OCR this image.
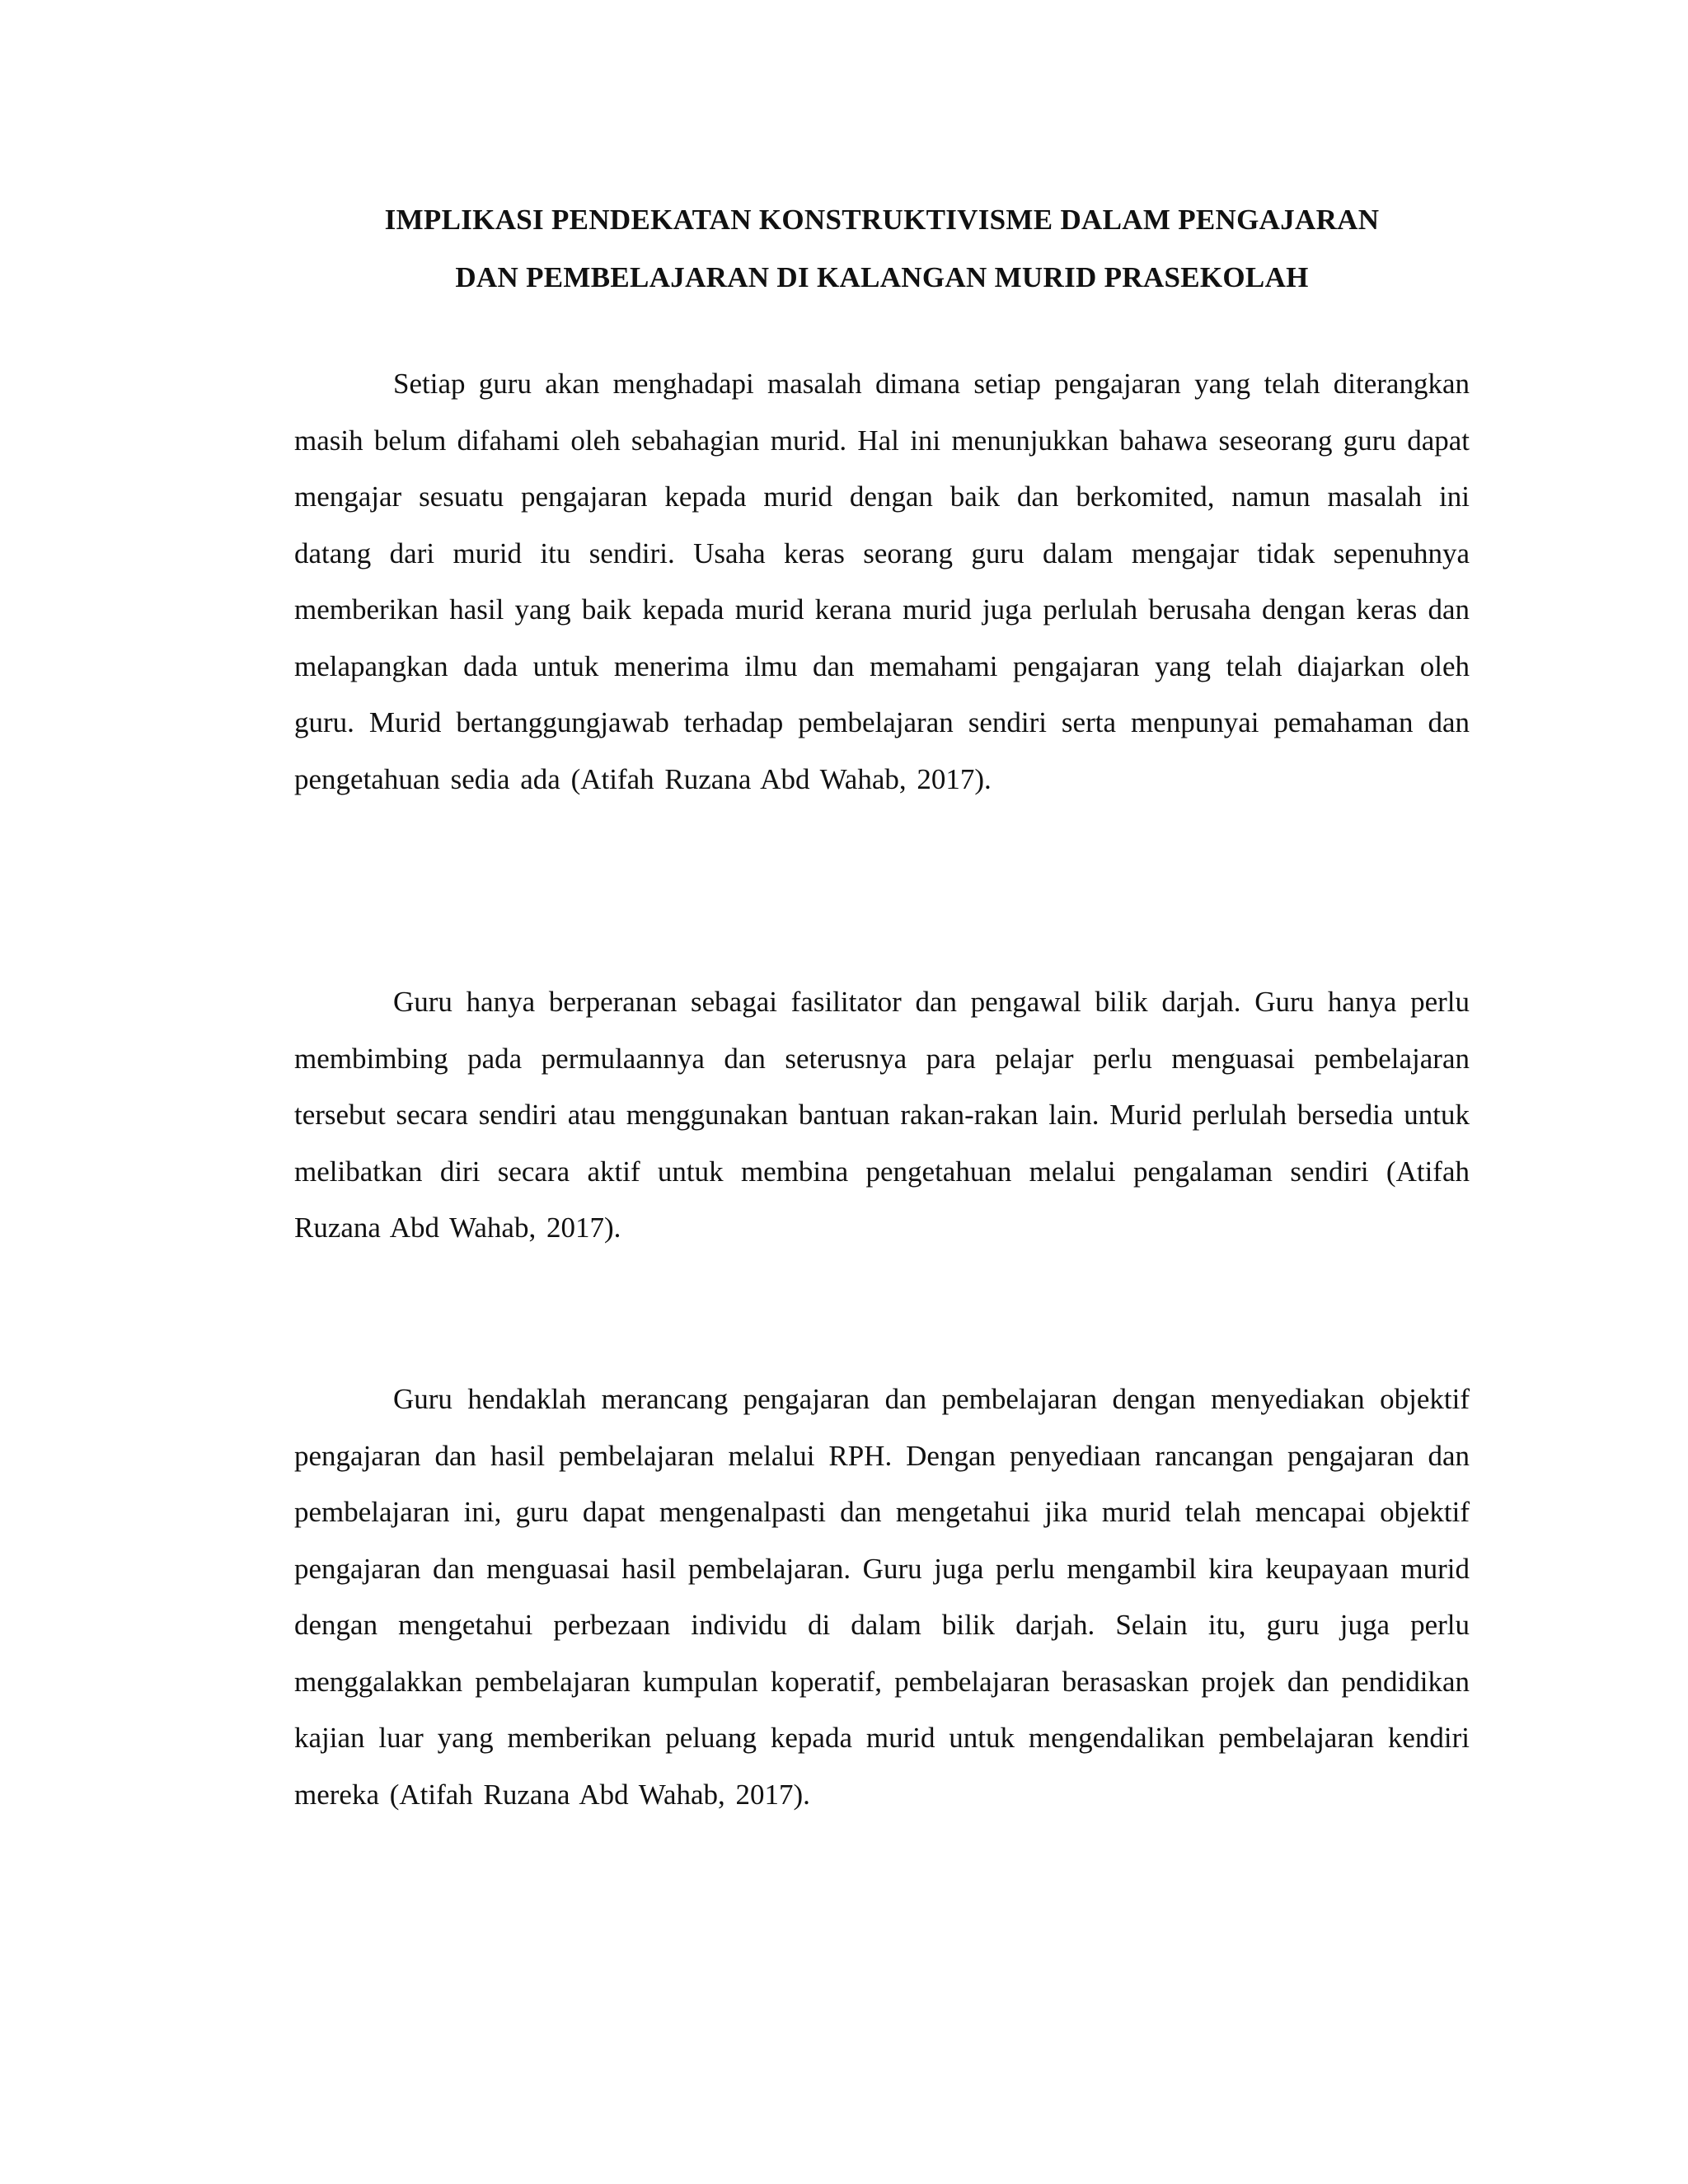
IMPLIKASI PENDEKATAN KONSTRUKTIVISME DALAM PENGAJARAN

DAN PEMBELAJARAN DI KALANGAN MURID PRASEKOLAH

Setiap guru akan menghadapi masalah dimana setiap pengajaran yang telah diterangkan masih belum difahami oleh sebahagian murid. Hal ini menunjukkan bahawa seseorang guru dapat mengajar sesuatu pengajaran kepada murid dengan baik dan berkomited, namun masalah ini datang dari murid itu sendiri. Usaha keras seorang guru dalam mengajar tidak sepenuhnya memberikan hasil yang baik kepada murid kerana murid juga perlulah berusaha dengan keras dan melapangkan dada untuk menerima ilmu dan memahami pengajaran yang telah diajarkan oleh guru. Murid bertanggungjawab terhadap pembelajaran sendiri serta menpunyai pemahaman dan pengetahuan sedia ada (Atifah Ruzana Abd Wahab, 2017).

Guru hanya berperanan sebagai fasilitator dan pengawal bilik darjah. Guru hanya perlu membimbing pada permulaannya dan seterusnya para pelajar perlu menguasai pembelajaran tersebut secara sendiri atau menggunakan bantuan rakan-rakan lain. Murid perlulah bersedia untuk melibatkan diri secara aktif untuk membina pengetahuan melalui pengalaman sendiri (Atifah Ruzana Abd Wahab, 2017).

Guru hendaklah merancang pengajaran dan pembelajaran dengan menyediakan objektif pengajaran dan hasil pembelajaran melalui RPH. Dengan penyediaan rancangan pengajaran dan pembelajaran ini, guru dapat mengenalpasti dan mengetahui jika murid telah mencapai objektif pengajaran dan menguasai hasil pembelajaran. Guru juga perlu mengambil kira keupayaan murid dengan mengetahui perbezaan individu di dalam bilik darjah. Selain itu, guru juga perlu menggalakkan pembelajaran kumpulan koperatif, pembelajaran berasaskan projek dan pendidikan kajian luar yang memberikan peluang kepada murid untuk mengendalikan pembelajaran kendiri mereka (Atifah Ruzana Abd Wahab, 2017).
